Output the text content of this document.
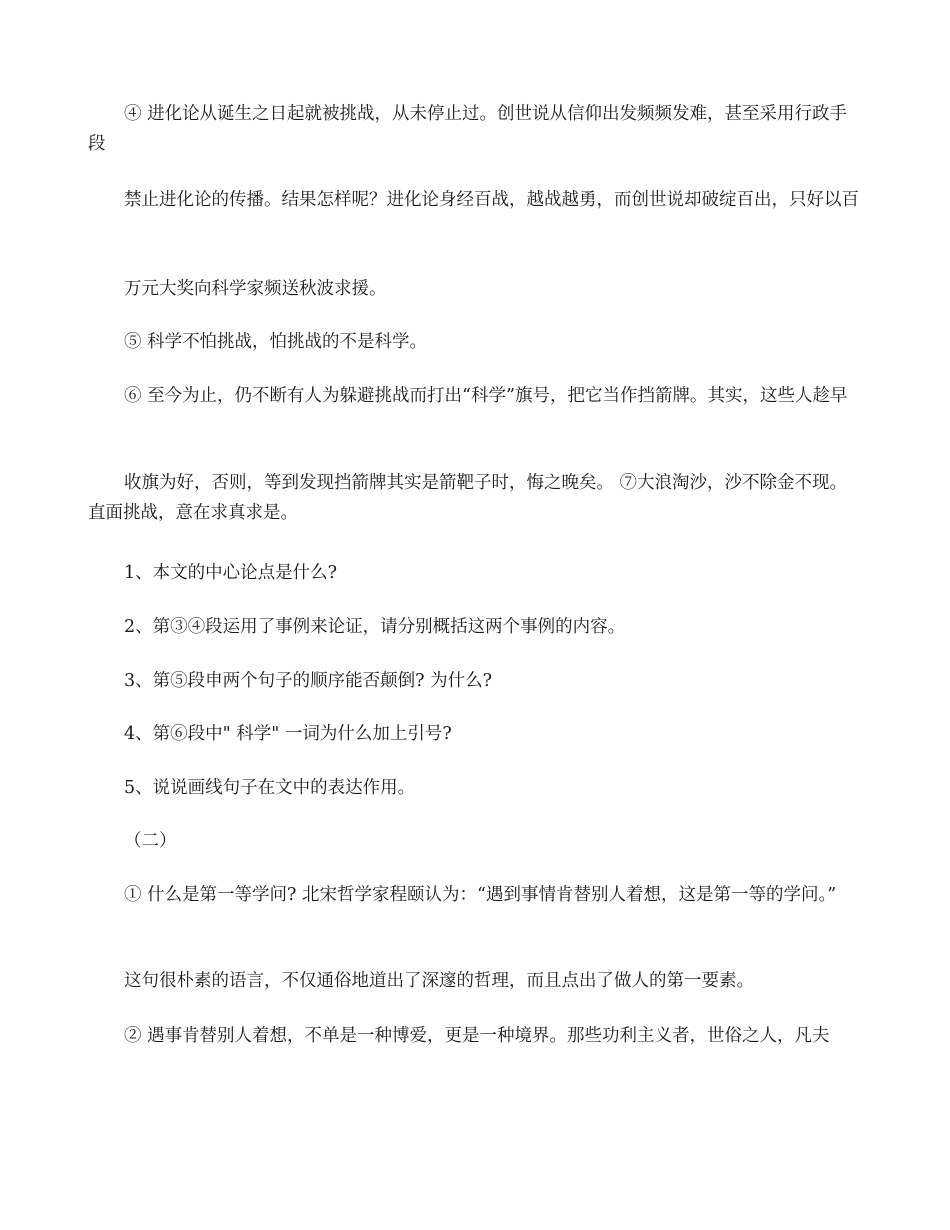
④ 进化论从诞生之日起就被挑战，从未停止过。创世说从信仰出发频频发难，甚至采用行政手段

禁止进化论的传播。结果怎样呢？进化论身经百战，越战越勇，而创世说却破绽百出，只好以百

万元大奖向科学家频送秋波求援。

⑤ 科学不怕挑战，怕挑战的不是科学。

⑥ 至今为止，仍不断有人为躲避挑战而打出“科学”旗号，把它当作挡箭牌。其实，这些人趁早

收旗为好，否则，等到发现挡箭牌其实是箭靶子时，悔之晚矣。 ⑦大浪淘沙，沙不除金不现。直面挑战，意在求真求是。

1、本文的中心论点是什么?

2、第③④段运用了事例来论证，请分别概括这两个事例的内容。

3、第⑤段申两个句子的顺序能否颠倒? 为什么?

4、第⑥段中" 科学" 一词为什么加上引号?

5、说说画线句子在文中的表达作用。

（二）

① 什么是第一等学问? 北宋哲学家程颐认为：“遇到事情肯替别人着想，这是第一等的学问。”

这句很朴素的语言，不仅通俗地道出了深邃的哲理，而且点出了做人的第一要素。

② 遇事肯替别人着想，不单是一种博爱，更是一种境界。那些功利主义者，世俗之人，凡夫
